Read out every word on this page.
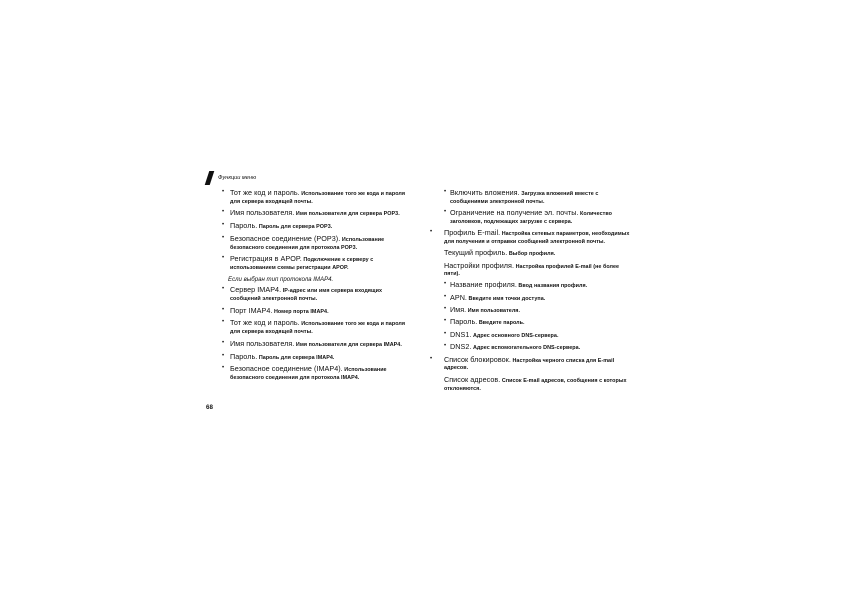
Функции меню
• Тот же код и пароль. Использование того же кода и пароля для сервера входящей почты.
• Имя пользователя. Имя пользователя для сервера POP3.
• Пароль. Пароль для сервера POP3.
• Безопасное соединение (POP3). Использование безопасного соединения для протокола POP3.
• Регистрация в APOP. Подключение к серверу с использованием схемы регистрации APOP.
Если выбран тип протокола IMAP4.
• Сервер IMAP4. IP-адрес или имя сервера входящих сообщений электронной почты.
• Порт IMAP4. Номер порта IMAP4.
• Тот же код и пароль. Использование того же кода и пароля для сервера входящей почты.
• Имя пользователя. Имя пользователя для сервера IMAP4.
• Пароль. Пароль для сервера IMAP4.
• Безопасное соединение (IMAP4). Использование безопасного соединения для протокола IMAP4.
• Включить вложения. Загрузка вложений вместе с сообщениями электронной почты.
• Ограничение на получение эл. почты. Количество заголовков, подлежащих загрузке с сервера.
• Профиль E-mail. Настройка сетевых параметров, необходимых для получения и отправки сообщений электронной почты.
Текущий профиль. Выбор профиля.
Настройки профиля. Настройка профилей E-mail (не более пяти).
• Название профиля. Ввод названия профиля.
• APN. Введите имя точки доступа.
• Имя. Имя пользователя.
• Пароль. Введите пароль.
• DNS1. Адрес основного DNS-сервера.
• DNS2. Адрес вспомогательного DNS-сервера.
• Список блокировок. Настройка черного списка для E-mail адресов.
Список адресов. Список E-mail адресов, сообщения с которых отклоняются.
68
